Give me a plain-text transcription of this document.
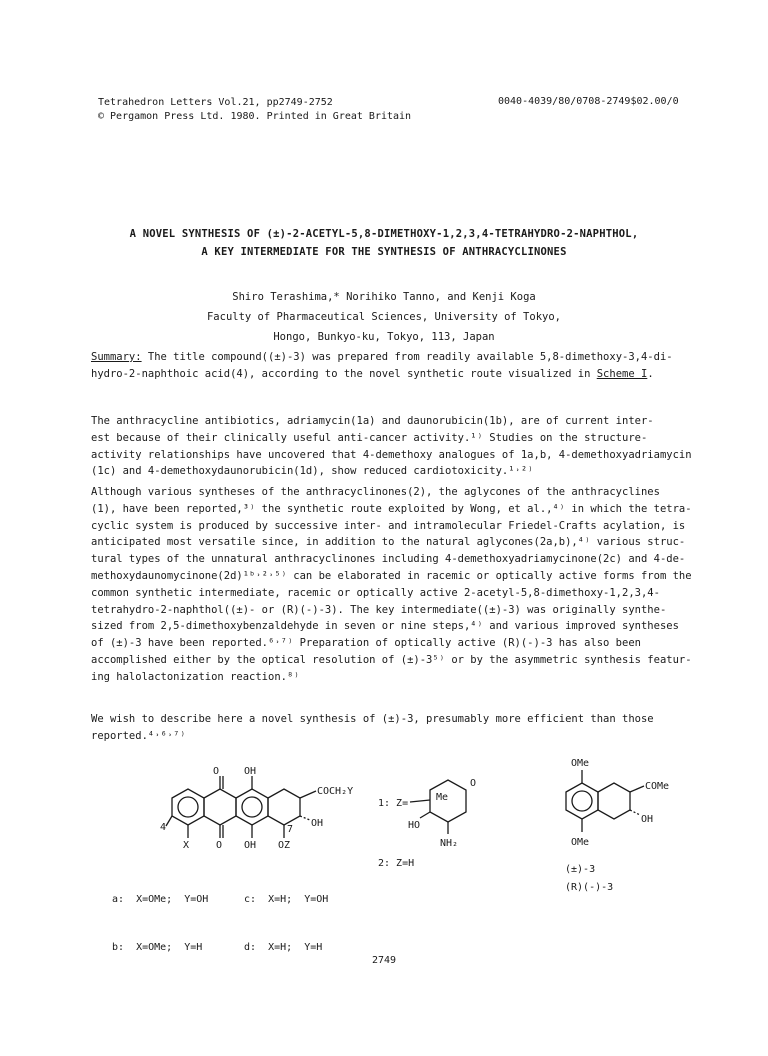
Tetrahedron Letters Vol.21, pp2749-2752
© Pergamon Press Ltd. 1980. Printed in Great Britain
0040-4039/80/0708-2749$02.00/0
A NOVEL SYNTHESIS OF (±)-2-ACETYL-5,8-DIMETHOXY-1,2,3,4-TETRAHYDRO-2-NAPHTHOL,
A KEY INTERMEDIATE FOR THE SYNTHESIS OF ANTHRACYCLINONES
Shiro Terashima,* Norihiko Tanno, and Kenji Koga
Faculty of Pharmaceutical Sciences, University of Tokyo,
Hongo, Bunkyo-ku, Tokyo, 113, Japan
Summary: The title compound((±)-3) was prepared from readily available 5,8-dimethoxy-3,4-di-
hydro-2-naphthoic acid(4), according to the novel synthetic route visualized in Scheme I.
The anthracycline antibiotics, adriamycin(1a) and daunorubicin(1b), are of current inter-
est because of their clinically useful anti-cancer activity.¹⁾ Studies on the structure-
activity relationships have uncovered that 4-demethoxy analogues of 1a,b, 4-demethoxyadriamycin
(1c) and 4-demethoxydaunorubicin(1d), show reduced cardiotoxicity.¹˒²⁾
Although various syntheses of the anthracyclinones(2), the aglycones of the anthracyclines
(1), have been reported,³⁾ the synthetic route exploited by Wong, et al.,⁴⁾ in which the tetra-
cyclic system is produced by successive inter- and intramolecular Friedel-Crafts acylation, is
anticipated most versatile since, in addition to the natural aglycones(2a,b),⁴⁾ various struc-
tural types of the unnatural anthracyclinones including 4-demethoxyadriamycinone(2c) and 4-de-
methoxydaunomycinone(2d)¹ᵇ˒²˒⁵⁾ can be elaborated in racemic or optically active forms from the
common synthetic intermediate, racemic or optically active 2-acetyl-5,8-dimethoxy-1,2,3,4-
tetrahydro-2-naphthol((±)- or (R)(-)-3). The key intermediate((±)-3) was originally synthe-
sized from 2,5-dimethoxybenzaldehyde in seven or nine steps,⁴⁾ and various improved syntheses
of (±)-3 have been reported.⁶˒⁷⁾ Preparation of optically active (R)(-)-3 has also been
accomplished either by the optical resolution of (±)-3⁵⁾ or by the asymmetric synthesis featur-
ing halolactonization reaction.⁸⁾
We wish to describe here a novel synthesis of (±)-3, presumably more efficient than those
reported.⁴˒⁶˒⁷⁾
O OH
COCH₂Y
OH
X	O OH OZ
7
4
1: Z=
Me
HO
NH₂
O
2: Z=H
OMe
COMe
OH
OMe
(±)-3
(R)(-)-3

a:  X=OMe;  Y=OH

b:  X=OMe;  Y=H

c:  X=H;  Y=OH

d:  X=H;  Y=H

2749
